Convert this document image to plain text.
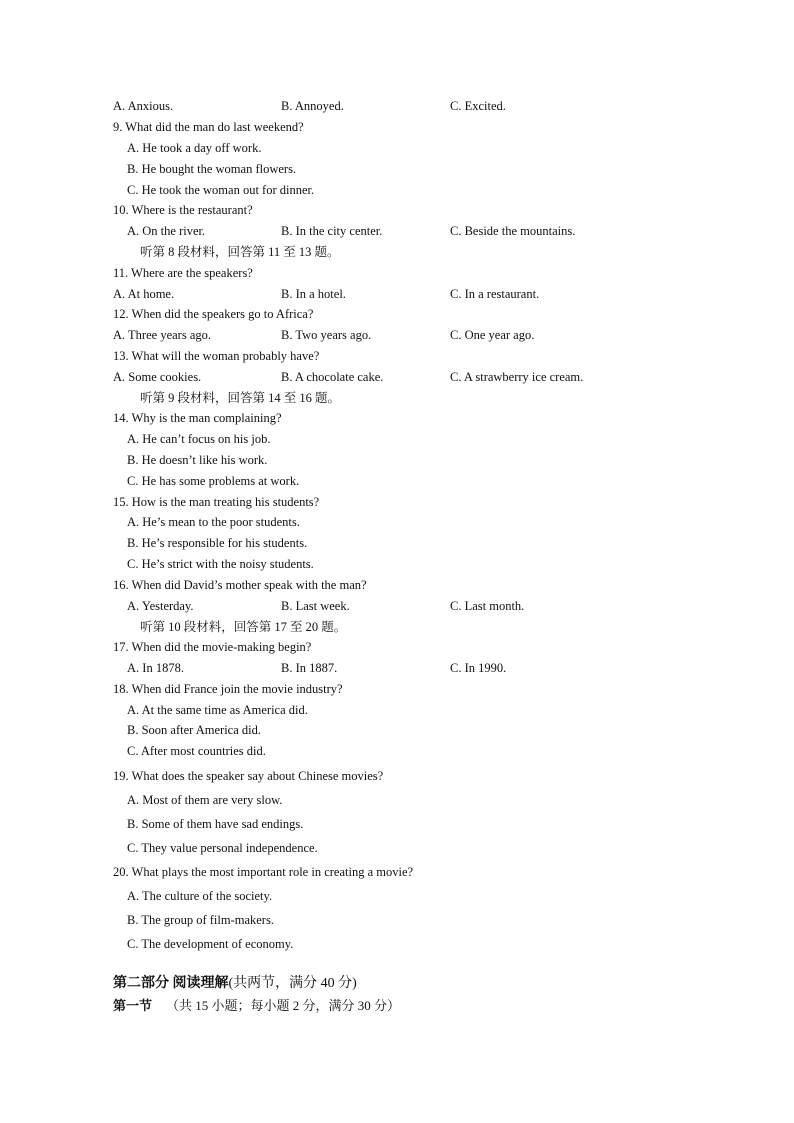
A. Anxious.	B. Annoyed.	C. Excited.
9. What did the man do last weekend?
A. He took a day off work.
B. He bought the woman flowers.
C. He took the woman out for dinner.
10. Where is the restaurant?
A. On the river.	B. In the city center.	C. Beside the mountains.
听第 8 段材料，回答第 11 至 13 题。
11. Where are the speakers?
A. At home.	B. In a hotel.	C. In a restaurant.
12. When did the speakers go to Africa?
A. Three years ago.	B. Two years ago.	C. One year ago.
13. What will the woman probably have?
A. Some cookies.	B. A chocolate cake.	C. A strawberry ice cream.
听第 9 段材料，回答第 14 至 16 题。
14. Why is the man complaining?
A. He can’t focus on his job.
B. He doesn’t like his work.
C. He has some problems at work.
15. How is the man treating his students?
A. He’s mean to the poor students.
B. He’s responsible for his students.
C. He’s strict with the noisy students.
16. When did David’s mother speak with the man?
A. Yesterday.	B. Last week.	C. Last month.
听第 10 段材料，回答第 17 至 20 题。
17. When did the movie-making begin?
A. In 1878.	B. In 1887.	C. In 1990.
18. When did France join the movie industry?
A. At the same time as America did.
B. Soon after America did.
C. After most countries did.
19. What does the speaker say about Chinese movies?
A. Most of them are very slow.
B. Some of them have sad endings.
C. They value personal independence.
20. What plays the most important role in creating a movie?
A. The culture of the society.
B. The group of film-makers.
C. The development of economy.
第二部分 阅读理解(共两节，满分 40 分)
第一节 （共 15 小题；每小题 2 分，满分 30 分）
